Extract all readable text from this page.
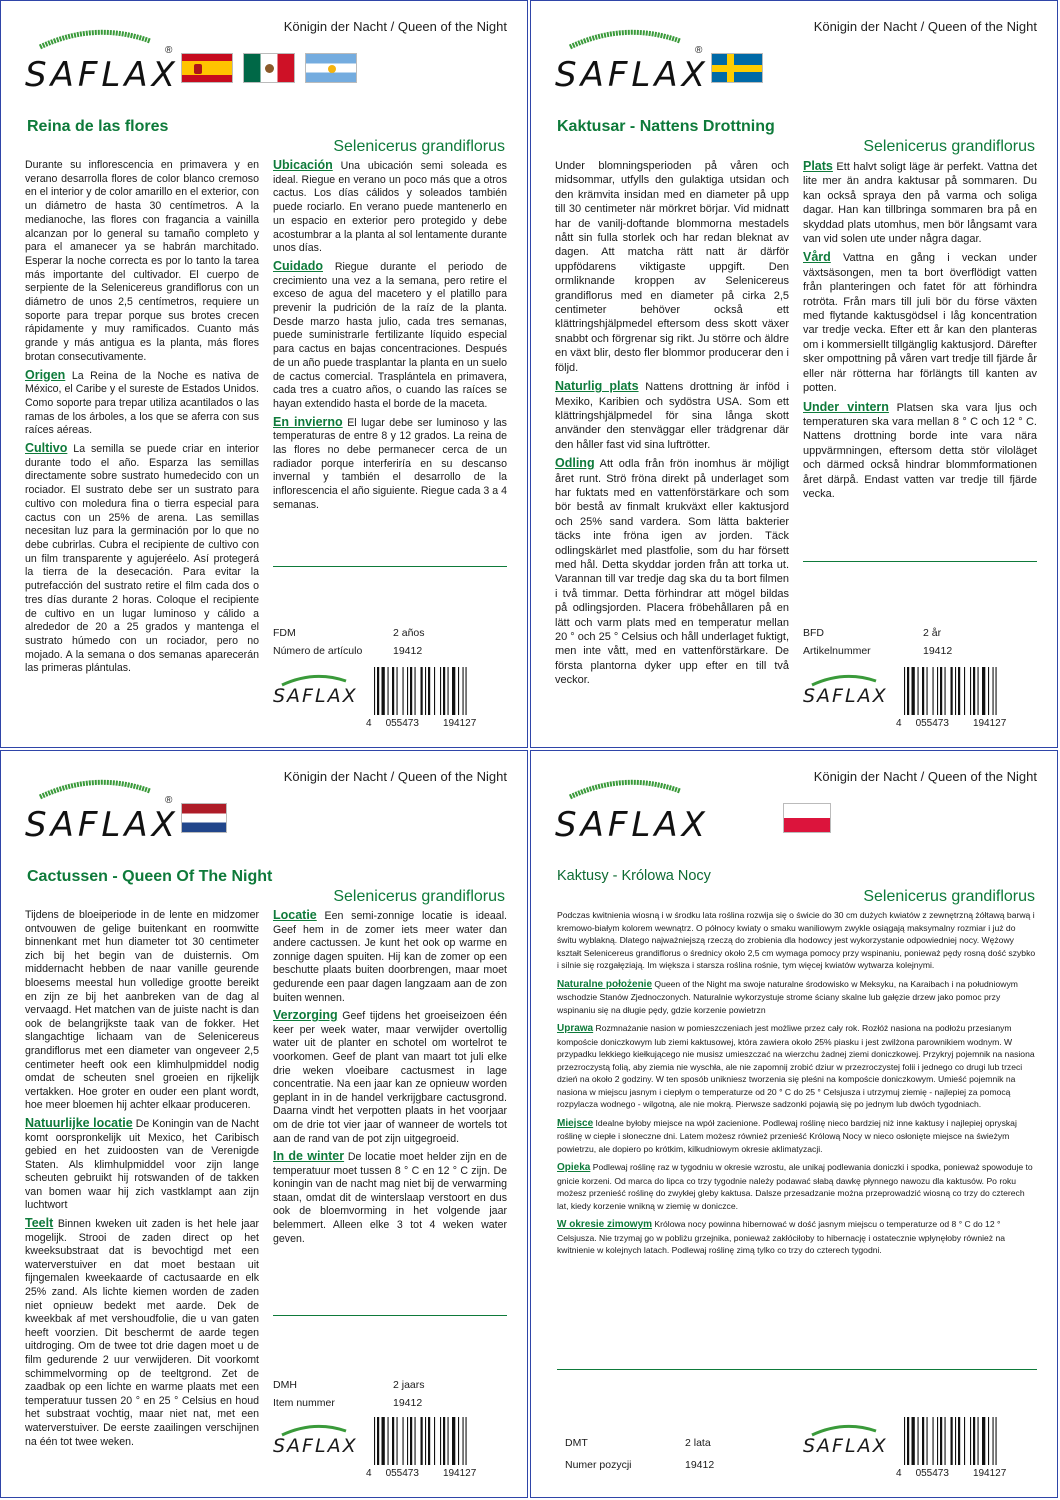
Königin der Nacht / Queen of the Night
SAFLAX
®
Reina de las flores
Selenicerus grandiflorus

Durante su inflorescencia en primavera y en verano desarrolla flores de color blanco cremoso en el interior y de color amarillo en el exterior, con un diámetro de hasta 30 centímetros. A la medianoche, las flores con fragancia a vainilla alcanzan por lo general su tamaño completo y para el amanecer ya se habrán marchitado. Esperar la noche correcta es por lo tanto la tarea más importante del cultivador. El cuerpo de serpiente de la Selenicereus grandiflorus con un diámetro de unos 2,5 centímetros, requiere un soporte para trepar porque sus brotes crecen rápidamente y muy ramificados. Cuanto más grande y más antigua es la planta, más flores brotan consecutivamente.

Origen La Reina de la Noche es nativa de México, el Caribe y el sureste de Estados Unidos. Como soporte para trepar utiliza acantilados o las ramas de los árboles, a los que se aferra con sus raíces aéreas.

Cultivo La semilla se puede criar en interior durante todo el año. Esparza las semillas directamente sobre sustrato humedecido con un rociador. El sustrato debe ser un sustrato para cultivo con moledura fina o tierra especial para cactus con un 25% de arena. Las semillas necesitan luz para la germinación por lo que no debe cubrirlas. Cubra el recipiente de cultivo con un film transparente y agujeréelo. Así protegerá la tierra de la desecación. Para evitar la putrefacción del sustrato retire el film cada dos o tres días durante 2 horas. Coloque el recipiente de cultivo en un lugar luminoso y cálido a alrededor de 20 a 25 grados y mantenga el sustrato húmedo con un rociador, pero no mojado. A la semana o dos semanas aparecerán las primeras plántulas.

Ubicación Una ubicación semi soleada es ideal. Riegue en verano un poco más que a otros cactus. Los días cálidos y soleados también puede rociarlo. En verano puede mantenerlo en un espacio en exterior pero protegido y debe acostumbrar a la planta al sol lentamente durante unos días.

Cuidado Riegue durante el periodo de crecimiento una vez a la semana, pero retire el exceso de agua del macetero y el platillo para prevenir la pudrición de la raíz de la planta. Desde marzo hasta julio, cada tres semanas, puede suministrarle fertilizante líquido especial para cactus en bajas concentraciones. Después de un año puede trasplantar la planta en un suelo de cactus comercial. Trasplántela en primavera, cada tres a cuatro años, o cuando las raíces se hayan extendido hasta el borde de la maceta.

En invierno El lugar debe ser luminoso y las temperaturas de entre 8 y 12 grados. La reina de las flores no debe permanecer cerca de un radiador porque interferiría en su descanso invernal y también el desarrollo de la inflorescencia el año siguiente. Riegue cada 3 a 4 semanas.

FDM	2 años
Número de artículo	19412
SAFLAX
4 055473 194127
Königin der Nacht / Queen of the Night
SAFLAX
®
Kaktusar - Nattens Drottning
Selenicerus grandiflorus

Under blomningsperioden på våren och midsommar, utfylls den gulaktiga utsidan och den krämvita insidan med en diameter på upp till 30 centimeter när mörkret börjar. Vid midnatt har de vanilj-doftande blommorna mestadels nått sin fulla storlek och har redan bleknat av dagen. Att matcha rätt natt är därför uppfödarens viktigaste uppgift. Den ormliknande kroppen av Selenicereus grandiflorus med en diameter på cirka 2,5 centimeter behöver också ett klättringshjälpmedel eftersom dess skott växer snabbt och förgrenar sig rikt. Ju större och äldre en växt blir, desto fler blommor producerar den i följd.

Naturlig plats Nattens drottning är inföd i Mexiko, Karibien och sydöstra USA. Som ett klättringshjälpmedel för sina långa skott använder den stenväggar eller trädgrenar där den håller fast vid sina luftrötter.

Odling Att odla från frön inomhus är möjligt året runt. Strö fröna direkt på underlaget som har fuktats med en vattenförstärkare och som bör bestå av finmalt krukväxt eller kaktusjord och 25% sand vardera. Som lätta bakterier täcks inte fröna igen av jorden. Täck odlingskärlet med plastfolie, som du har försett med hål. Detta skyddar jorden från att torka ut. Varannan till var tredje dag ska du ta bort filmen i två timmar. Detta förhindrar att mögel bildas på odlingsjorden. Placera fröbehållaren på en lätt och varm plats med en temperatur mellan 20 ° och 25 ° Celsius och håll underlaget fuktigt, men inte vått, med en vattenförstärkare. De första plantorna dyker upp efter en till två veckor.

Plats Ett halvt soligt läge är perfekt. Vattna det lite mer än andra kaktusar på sommaren. Du kan också spraya den på varma och soliga dagar. Han kan tillbringa sommaren bra på en skyddad plats utomhus, men bör långsamt vara van vid solen ute under några dagar.

Vård Vattna en gång i veckan under växtsäsongen, men ta bort överflödigt vatten från planteringen och fatet för att förhindra rotröta. Från mars till juli bör du förse växten med flytande kaktusgödsel i låg koncentration var tredje vecka. Efter ett år kan den planteras om i kommersiellt tillgänglig kaktusjord. Därefter sker ompottning på våren vart tredje till fjärde år eller när rötterna har förlängts till kanten av potten.

Under vintern Platsen ska vara ljus och temperaturen ska vara mellan 8 ° C och 12 ° C. Nattens drottning borde inte vara nära uppvärmningen, eftersom detta stör viloläget och därmed också hindrar blommformationen året därpå. Endast vatten var tredje till fjärde vecka.

BFD	2 år
Artikelnummer	19412
SAFLAX
4 055473 194127
Königin der Nacht / Queen of the Night
SAFLAX
®
Cactussen - Queen Of The Night
Selenicerus grandiflorus

Tijdens de bloeiperiode in de lente en midzomer ontvouwen de gelige buitenkant en roomwitte binnenkant met hun diameter tot 30 centimeter zich bij het begin van de duisternis. Om middernacht hebben de naar vanille geurende bloesems meestal hun volledige grootte bereikt en zijn ze bij het aanbreken van de dag al vervaagd. Het matchen van de juiste nacht is dan ook de belangrijkste taak van de fokker. Het slangachtige lichaam van de Selenicereus grandiflorus met een diameter van ongeveer 2,5 centimeter heeft ook een klimhulpmiddel nodig omdat de scheuten snel groeien en rijkelijk vertakken. Hoe groter en ouder een plant wordt, hoe meer bloemen hij achter elkaar produceren.

Natuurlijke locatie De Koningin van de Nacht komt oorspronkelijk uit Mexico, het Caribisch gebied en het zuidoosten van de Verenigde Staten. Als klimhulpmiddel voor zijn lange scheuten gebruikt hij rotswanden of de takken van bomen waar hij zich vastklampt aan zijn luchtwort

Teelt Binnen kweken uit zaden is het hele jaar mogelijk. Strooi de zaden direct op het kweeksubstraat dat is bevochtigd met een waterverstuiver en dat moet bestaan uit fijngemalen kweekaarde of cactusaarde en elk 25% zand. Als lichte kiemen worden de zaden niet opnieuw bedekt met aarde. Dek de kweekbak af met vershoudfolie, die u van gaten heeft voorzien. Dit beschermt de aarde tegen uitdroging. Om de twee tot drie dagen moet u de film gedurende 2 uur verwijderen. Dit voorkomt schimmelvorming op de teeltgrond. Zet de zaadbak op een lichte en warme plaats met een temperatuur tussen 20 ° en 25 ° Celsius en houd het substraat vochtig, maar niet nat, met een waterverstuiver. De eerste zaailingen verschijnen na één tot twee weken.

Locatie Een semi-zonnige locatie is ideaal. Geef hem in de zomer iets meer water dan andere cactussen. Je kunt het ook op warme en zonnige dagen spuiten. Hij kan de zomer op een beschutte plaats buiten doorbrengen, maar moet gedurende een paar dagen langzaam aan de zon buiten wennen.

Verzorging Geef tijdens het groeiseizoen één keer per week water, maar verwijder overtollig water uit de planter en schotel om wortelrot te voorkomen. Geef de plant van maart tot juli elke drie weken vloeibare cactusmest in lage concentratie. Na een jaar kan ze opnieuw worden geplant in in de handel verkrijgbare cactusgrond. Daarna vindt het verpotten plaats in het voorjaar om de drie tot vier jaar of wanneer de wortels tot aan de rand van de pot zijn uitgegroeid.

In de winter De locatie moet helder zijn en de temperatuur moet tussen 8 ° C en 12 ° C zijn. De koningin van de nacht mag niet bij de verwarming staan, omdat dit de winterslaap verstoort en dus ook de bloemvorming in het volgende jaar belemmert. Alleen elke 3 tot 4 weken water geven.

DMH	2 jaars
Item nummer	19412
SAFLAX
4 055473 194127
Königin der Nacht / Queen of the Night
SAFLAX
Kaktusy - Królowa Nocy
Selenicerus grandiflorus

Podczas kwitnienia wiosną i w środku lata roślina rozwija się o świcie do 30 cm dużych kwiatów z zewnętrzną żółtawą barwą i kremowo-białym kolorem wewnątrz. O północy kwiaty o smaku waniliowym zwykle osiągają maksymalny rozmiar i już do świtu wyblakną. Dlatego najważniejszą rzeczą do zrobienia dla hodowcy jest wykorzystanie odpowiedniej nocy. Wężowy kształt Selenicereus grandiflorus o średnicy około 2,5 cm wymaga pomocy przy wspinaniu, ponieważ pędy rosną dość szybko i silnie się rozgałęziają. Im większa i starsza roślina rośnie, tym więcej kwiatów wytwarza kolejnymi.

Naturalne położenie Queen of the Night ma swoje naturalne środowisko w Meksyku, na Karaibach i na południowym wschodzie Stanów Zjednoczonych. Naturalnie wykorzystuje strome ściany skalne lub gałęzie drzew jako pomoc przy wspinaniu się na długie pędy, gdzie korzenie powietrzn

Uprawa Rozmnażanie nasion w pomieszczeniach jest możliwe przez cały rok. Rozłóż nasiona na podłożu przesianym kompoście doniczkowym lub ziemi kaktusowej, która zawiera około 25% piasku i jest zwilżona parownikiem wodnym. W przypadku lekkiego kiełkującego nie musisz umieszczać na wierzchu żadnej ziemi doniczkowej. Przykryj pojemnik na nasiona przezroczystą folią, aby ziemia nie wyschła, ale nie zapomnij zrobić dziur w przezroczystej folii i jednego co drugi lub trzeci dzień na około 2 godziny. W ten sposób unikniesz tworzenia się pleśni na kompoście doniczkowym. Umieść pojemnik na nasiona w miejscu jasnym i ciepłym o temperaturze od 20 ° C do 25 ° Celsjusza i utrzymuj ziemię - najlepiej za pomocą rozpylacza wodnego - wilgotną, ale nie mokrą. Pierwsze sadzonki pojawią się po jednym lub dwóch tygodniach.

Miejsce Idealne byłoby miejsce na wpół zacienione. Podlewaj roślinę nieco bardziej niż inne kaktusy i najlepiej opryskaj roślinę w ciepłe i słoneczne dni. Latem możesz również przenieść Królową Nocy w nieco osłonięte miejsce na świeżym powietrzu, ale dopiero po krótkim, kilkudniowym okresie aklimatyzacji.

Opieka Podlewaj roślinę raz w tygodniu w okresie wzrostu, ale unikaj podlewania doniczki i spodka, ponieważ spowoduje to gnicie korzeni. Od marca do lipca co trzy tygodnie należy podawać słabą dawkę płynnego nawozu dla kaktusów. Po roku możesz przenieść roślinę do zwykłej gleby kaktusa. Dalsze przesadzanie można przeprowadzić wiosną co trzy do czterech lat, kiedy korzenie wnikną w ziemię w doniczce.

W okresie zimowym Królowa nocy powinna hibernować w dość jasnym miejscu o temperaturze od 8 ° C do 12 ° Celsjusza. Nie trzymaj go w pobliżu grzejnika, ponieważ zakłóciłoby to hibernację i ostatecznie wpłynęłoby również na kwitnienie w kolejnych latach. Podlewaj roślinę zimą tylko co trzy do czterech tygodni.

DMT	2 lata
Numer pozycji	19412
SAFLAX
4 055473 194127
